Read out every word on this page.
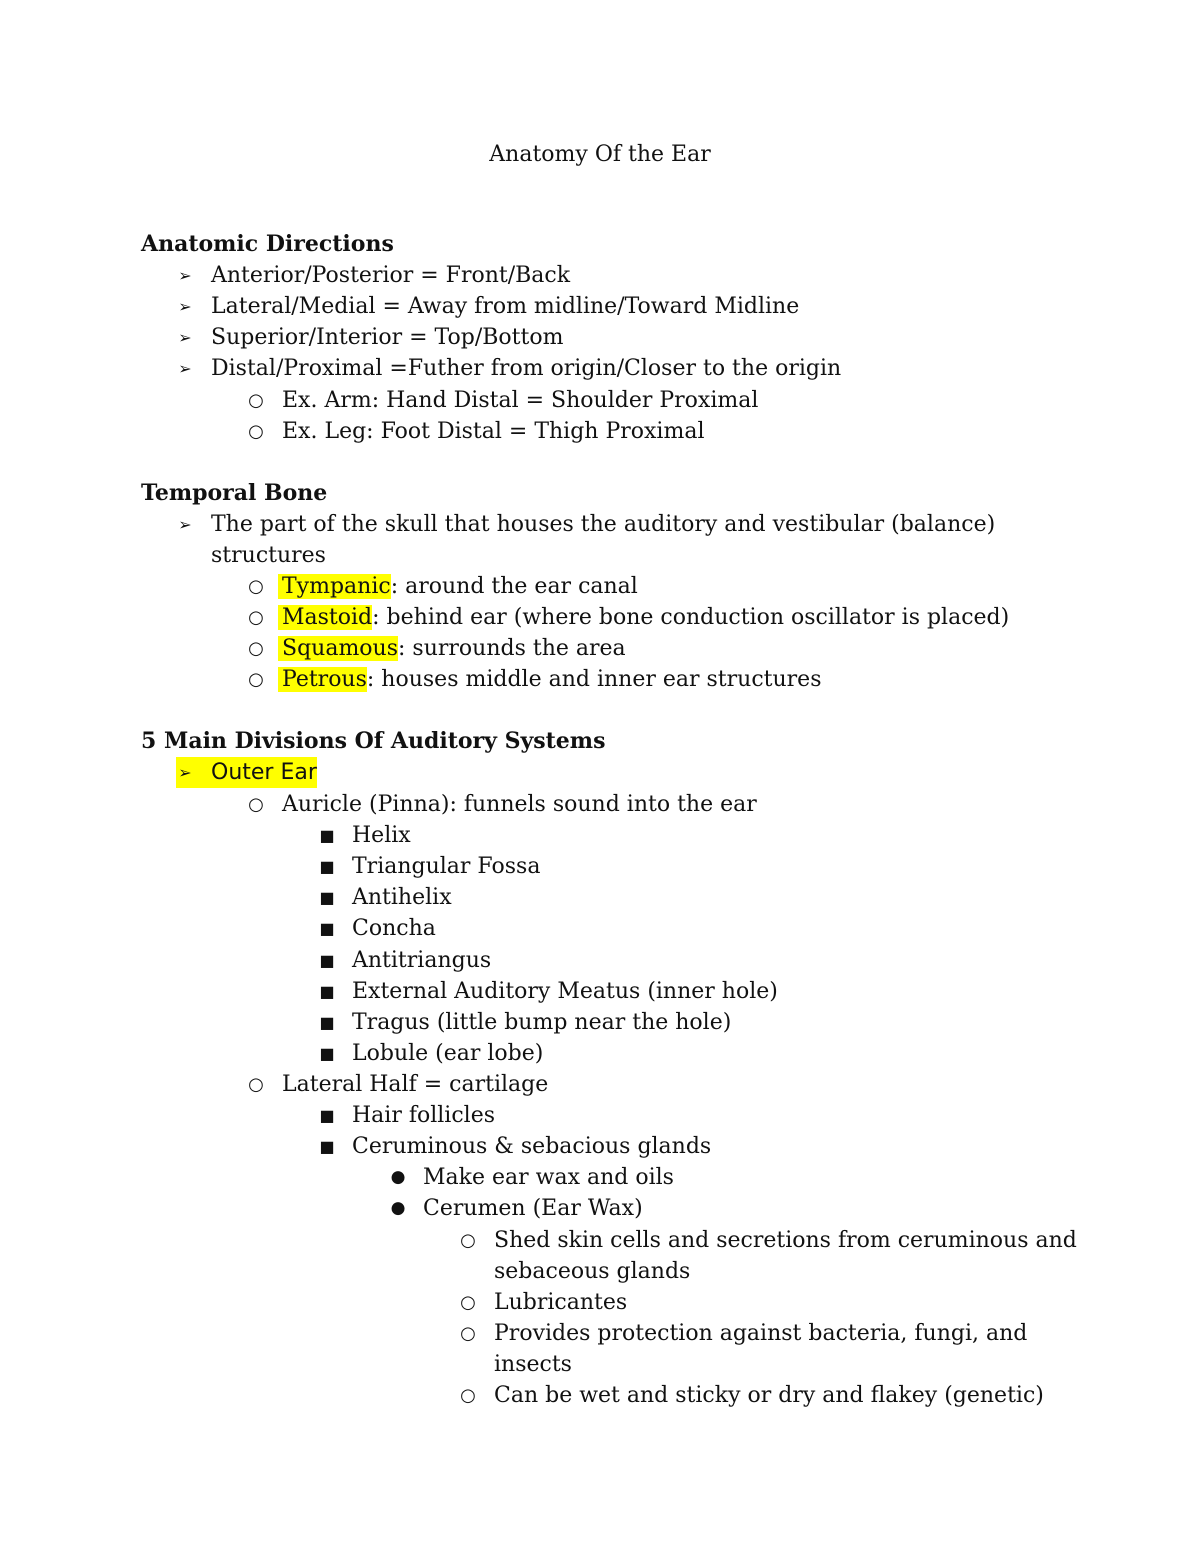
Anatomy Of the Ear
Anatomic Directions
➢ Anterior/Posterior = Front/Back
➢ Lateral/Medial = Away from midline/Toward Midline
➢ Superior/Interior = Top/Bottom
➢ Distal/Proximal =Futher from origin/Closer to the origin
○ Ex. Arm: Hand Distal = Shoulder Proximal
○ Ex. Leg: Foot Distal = Thigh Proximal
Temporal Bone
➢ The part of the skull that houses the auditory and vestibular (balance)
structures
○ Tympanic: around the ear canal
○ Mastoid: behind ear (where bone conduction oscillator is placed)
○ Squamous: surrounds the area
○ Petrous: houses middle and inner ear structures
5 Main Divisions Of Auditory Systems
➢ Outer Ear
○ Auricle (Pinna): funnels sound into the ear
■ Helix
■ Triangular Fossa
■ Antihelix
■ Concha
■ Antitriangus
■ External Auditory Meatus (inner hole)
■ Tragus (little bump near the hole)
■ Lobule (ear lobe)
○ Lateral Half = cartilage
■ Hair follicles
■ Ceruminous & sebacious glands
● Make ear wax and oils
● Cerumen (Ear Wax)
○ Shed skin cells and secretions from ceruminous and
sebaceous glands
○ Lubricantes
○ Provides protection against bacteria, fungi, and
insects
○ Can be wet and sticky or dry and flakey (genetic)
